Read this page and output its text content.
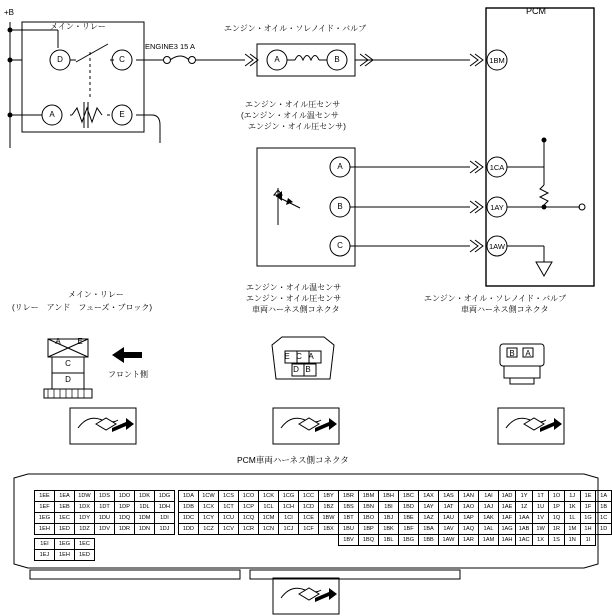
+B
メイン・リレー
ENGINE3 15 A
エンジン・オイル・ソレノイド・バルブ
エンジン・オイル圧センサ
(エンジン・オイル温センサ
エンジン・オイル圧センサ)
PCM
D	C
A	E
A	B
A
B
C
1BM
1CA
1AY
1AW
メイン・リレー
(リレー　アンド　フューズ・ブロック)
A	E
C
D
フロント側
エンジン・オイル温センサ
エンジン・オイル圧センサ
車両ハーネス側コネクタ
E C A
D B
エンジン・オイル・ソレノイド・バルブ
車両ハーネス側コネクタ
B	A
PCM車両ハーネス側コネクタ
1EE	1EA	1DW	1DS	1DO	1DK	1DG
1EF	1EB	1DX	1DT	1DP	1DL	1DH
1EG	1EC	1DY	1DU	1DQ	1DM	1DI
1EH	1ED	1DZ	1DV	1DR	1DN	1DJ
1EI	1EG	1EC
1EJ	1EH	1ED
1DA	1CW	1CS	1CO	1CK	1CG	1CC	1BY
1DB	1CX	1CT	1CP	1CL	1CH	1CD	1BZ
1DC	1CY	1CU	1CQ	1CM	1CI	1CE	1BW
1DD	1CZ	1CV	1CR	1CN	1CJ	1CF	1BX
1BR	1BM	1BH	1BC	1AX	1AS	1AN	1AI
1BS	1BN	1BI	1BD	1AY	1AT	1AO	1AJ
1BT	1BO	1BJ	1BE	1AZ	1AU	1AP	1AK
1BU	1BP	1BK	1BF	1BA	1AV	1AQ	1AL
1BV	1BQ	1BL	1BG	1BB	1AW	1AR	1AM
1AD	1Y	1T	1O	1J	1E	1A
1AE	1Z	1U	1P	1K	1F	1B
1AF	1AA	1V	1Q	1L	1G	1C
1AG	1AB	1W	1R	1M	1H	1D
1AH	1AC	1X	1S	1N	1I	
